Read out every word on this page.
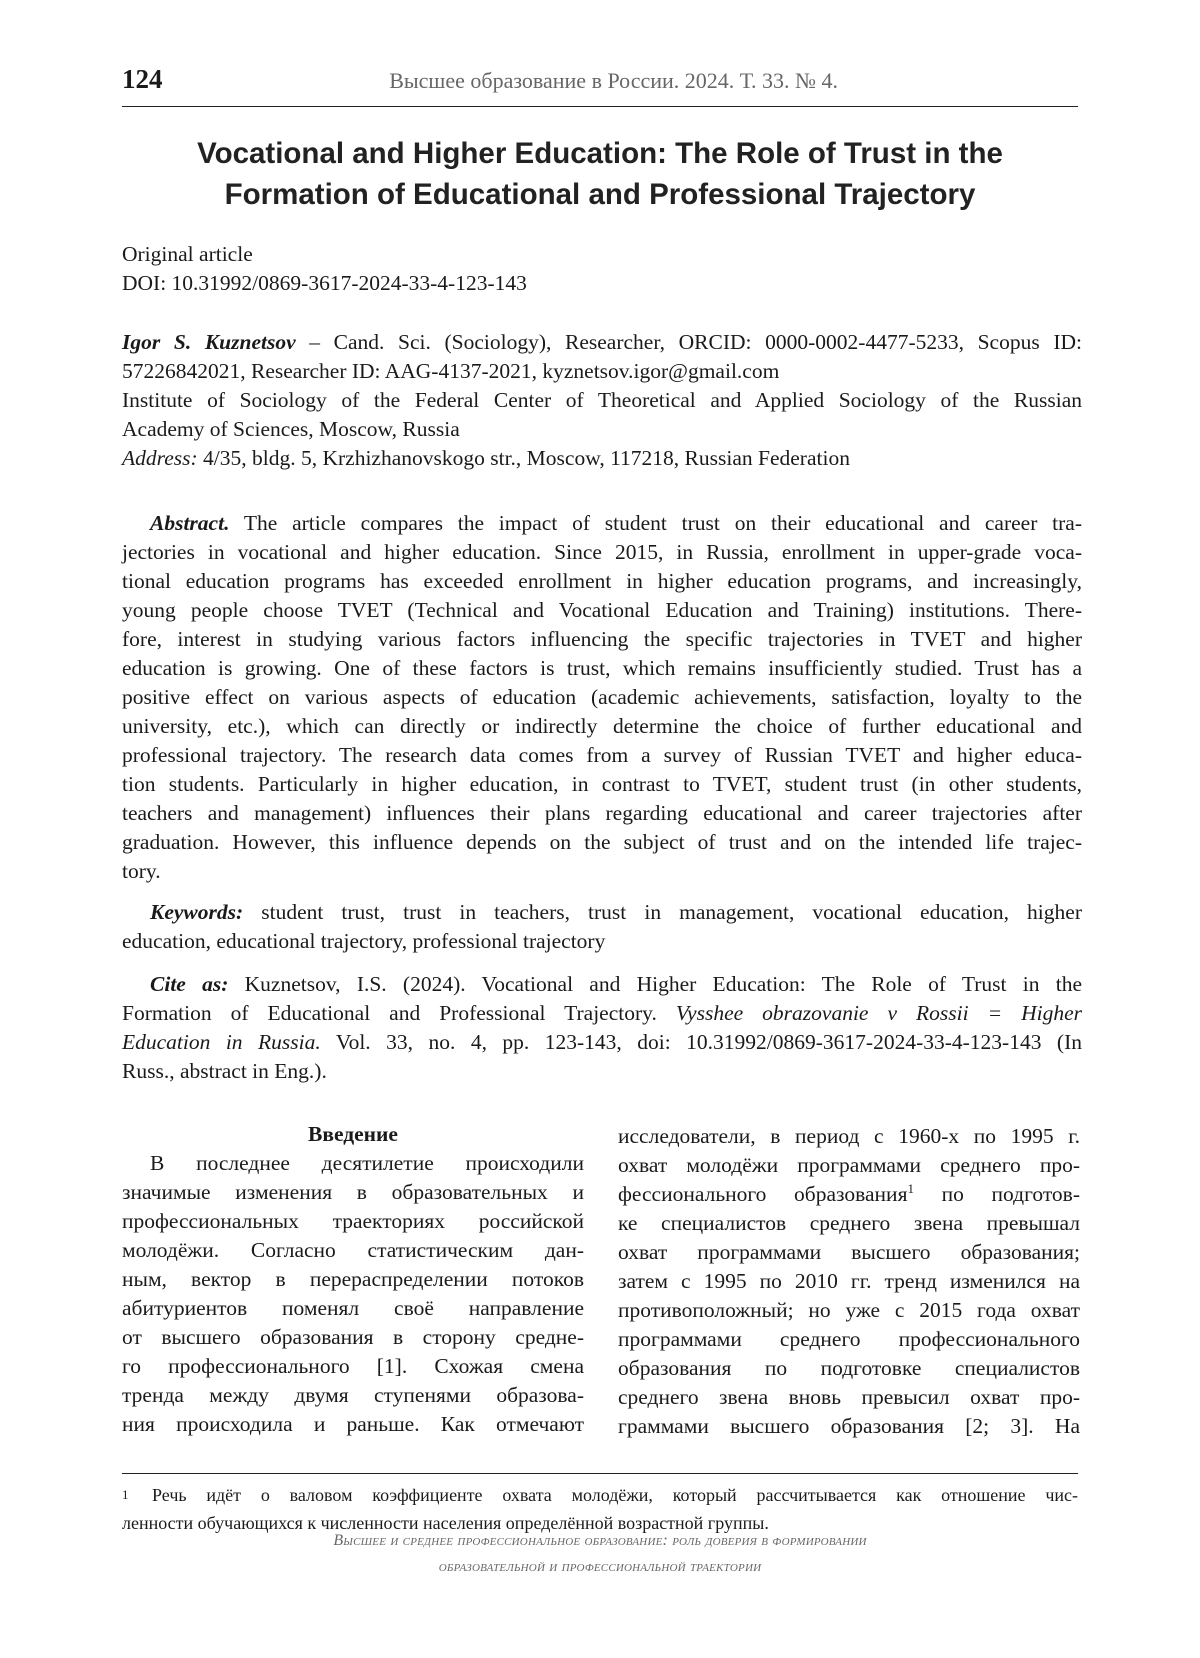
124	Высшее образование в России. 2024. Т. 33. № 4.
Vocational and Higher Education: The Role of Trust in the
Formation of Educational and Professional Trajectory
Original article
DOI: 10.31992/0869-3617-2024-33-4-123-143
Igor S. Kuznetsov – Cand. Sci. (Sociology), Researcher, ORCID: 0000-0002-4477-5233, Scopus ID:
57226842021, Researcher ID: AAG-4137-2021, kyznetsov.igor@gmail.com
Institute of Sociology of the Federal Center of Theoretical and Applied Sociology of the Russian
Academy of Sciences, Moscow, Russia
Address: 4/35, bldg. 5, Krzhizhanovskogo str., Moscow, 117218, Russian Federation
Abstract. The article compares the impact of student trust on their educational and career tra-
jectories in vocational and higher education. Since 2015, in Russia, enrollment in upper-grade voca-
tional education programs has exceeded enrollment in higher education programs, and increasingly,
young people choose TVET (Technical and Vocational Education and Training) institutions. There-
fore, interest in studying various factors influencing the specific trajectories in TVET and higher
education is growing. One of these factors is trust, which remains insufficiently studied. Trust has a
positive effect on various aspects of education (academic achievements, satisfaction, loyalty to the
university, etc.), which can directly or indirectly determine the choice of further educational and
professional trajectory. The research data comes from a survey of Russian TVET and higher educa-
tion students. Particularly in higher education, in contrast to TVET, student trust (in other students,
teachers and management) influences their plans regarding educational and career trajectories after
graduation. However, this influence depends on the subject of trust and on the intended life trajec-
tory.
Keywords: student trust, trust in teachers, trust in management, vocational education, higher
education, educational trajectory, professional trajectory
Cite as: Kuznetsov, I.S. (2024). Vocational and Higher Education: The Role of Trust in the
Formation of Educational and Professional Trajectory. Vysshee obrazovanie v Rossii = Higher
Education in Russia. Vol. 33, no. 4, pp. 123-143, doi: 10.31992/0869-3617-2024-33-4-123-143 (In
Russ., abstract in Eng.).
Введение
В последнее десятилетие происходили
значимые изменения в образовательных и
профессиональных траекториях российской
молодёжи. Согласно статистическим дан-
ным, вектор в перераспределении потоков
абитуриентов поменял своё направление
от высшего образования в сторону средне-
го профессионального [1]. Схожая смена
тренда между двумя ступенями образова-
ния происходила и раньше. Как отмечают
исследователи, в период с 1960-х по 1995 г.
охват молодёжи программами среднего про-
фессионального образования$^1$ по подготов-
ке специалистов среднего звена превышал
охват программами высшего образования;
затем с 1995 по 2010 гг. тренд изменился на
противоположный; но уже с 2015 года охват
программами среднего профессионального
образования по подготовке специалистов
среднего звена вновь превысил охват про-
граммами высшего образования [2; 3]. На
1 Речь идёт о валовом коэффициенте охвата молодёжи, который рассчитывается как отношение чис-
ленности обучающихся к численности населения определённой возрастной группы.
Высшее и среднее профессиональное образование: роль доверия в формировании
образовательной и профессиональной траектории
